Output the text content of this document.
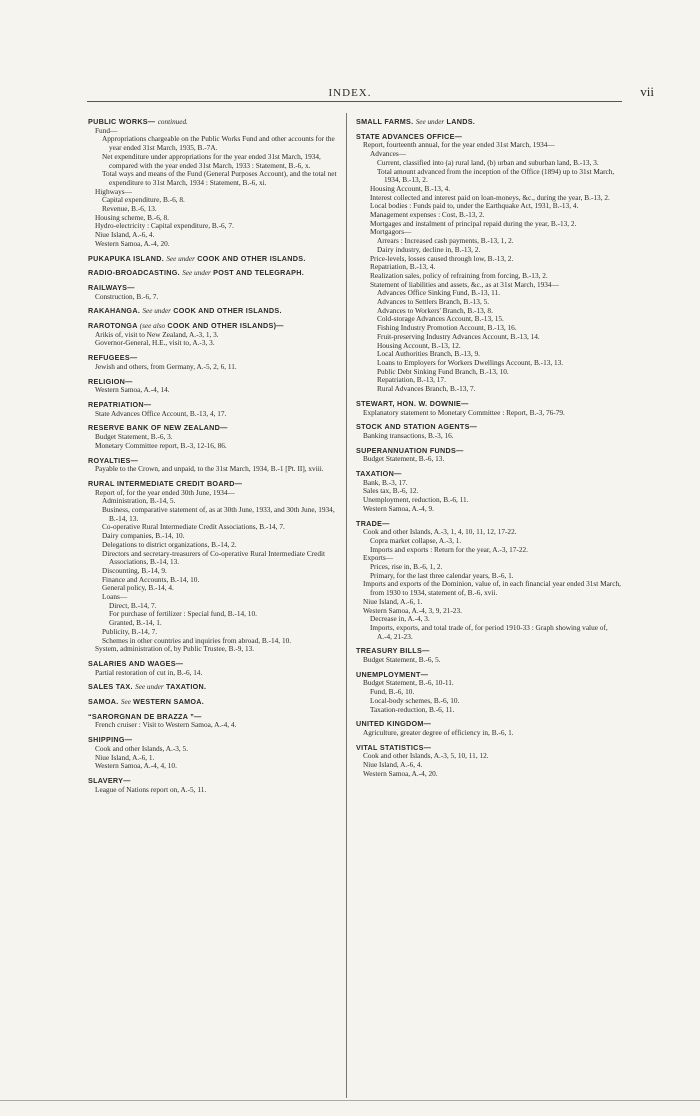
INDEX.	vii
PUBLIC WORKS— continued.
Fund—
Appropriations chargeable on the Public Works Fund and other accounts for the year ended 31st March, 1935, B.-7A.
Net expenditure under appropriations for the year ended 31st March, 1934, compared with the year ended 31st March, 1933 : Statement, B.-6, x.
Total ways and means of the Fund (General Purposes Account), and the total net expenditure to 31st March, 1934 : Statement, B.-6, xi.
Highways—
Capital expenditure, B.-6, 8.
Revenue, B.-6, 13.
Housing scheme, B.-6, 8.
Hydro-electricity : Capital expenditure, B.-6, 7.
Niue Island, A.-6, 4.
Western Samoa, A.-4, 20.
PUKAPUKA ISLAND. See under COOK AND OTHER ISLANDS.
RADIO-BROADCASTING. See under POST AND TELEGRAPH.
RAILWAYS—
Construction, B.-6, 7.
RAKAHANGA. See under COOK AND OTHER ISLANDS.
RAROTONGA (see also COOK AND OTHER ISLANDS)—
Arikis of, visit to New Zealand, A.-3, 1, 3.
Governor-General, H.E., visit to, A.-3, 3.
REFUGEES—
Jewish and others, from Germany, A.-5, 2, 6, 11.
RELIGION—
Western Samoa, A.-4, 14.
REPATRIATION—
State Advances Office Account, B.-13, 4, 17.
RESERVE BANK OF NEW ZEALAND—
Budget Statement, B.-6, 3.
Monetary Committee report, B.-3, 12-16, 86.
ROYALTIES—
Payable to the Crown, and unpaid, to the 31st March, 1934, B.-1 [Pt. II], xviii.
RURAL INTERMEDIATE CREDIT BOARD—
Report of, for the year ended 30th June, 1934—
Administration, B.-14, 5.
Business, comparative statement of, as at 30th June, 1933, and 30th June, 1934, B.-14, 13.
Co-operative Rural Intermediate Credit Associations, B.-14, 7.
Dairy companies, B.-14, 10.
Delegations to district organizations, B.-14, 2.
Directors and secretary-treasurers of Co-operative Rural Intermediate Credit Associations, B.-14, 13.
Discounting, B.-14, 9.
Finance and Accounts, B.-14, 10.
General policy, B.-14, 4.
Loans—
Direct, B.-14, 7.
For purchase of fertilizer : Special fund, B.-14, 10.
Granted, B.-14, 1.
Publicity, B.-14, 7.
Schemes in other countries and inquiries from abroad, B.-14, 10.
System, administration of, by Public Trustee, B.-9, 13.
SALARIES AND WAGES—
Partial restoration of cut in, B.-6, 14.
SALES TAX. See under TAXATION.
SAMOA. See WESTERN SAMOA.
“SARORGNAN DE BRAZZA ”—
French cruiser : Visit to Western Samoa, A.-4, 4.
SHIPPING—
Cook and other Islands, A.-3, 5.
Niue Island, A.-6, 1.
Western Samoa, A.-4, 4, 10.
SLAVERY—
League of Nations report on, A.-5, 11.
SMALL FARMS. See under LANDS.
STATE ADVANCES OFFICE—
Report, fourteenth annual, for the year ended 31st March, 1934—
Advances—
Current, classified into (a) rural land, (b) urban and suburban land, B.-13, 3.
Total amount advanced from the inception of the Office (1894) up to 31st March, 1934, B.-13, 2.
Housing Account, B.-13, 4.
Interest collected and interest paid on loan-moneys, &c., during the year, B.-13, 2.
Local bodies : Funds paid to, under the Earthquake Act, 1931, B.-13, 4.
Management expenses : Cost, B.-13, 2.
Mortgages and instalment of principal repaid during the year, B.-13, 2.
Mortgagors—
Arrears : Increased cash payments, B.-13, 1, 2.
Dairy industry, decline in, B.-13, 2.
Price-levels, losses caused through low, B.-13, 2.
Repatriation, B.-13, 4.
Realization sales, policy of refraining from forcing, B.-13, 2.
Statement of liabilities and assets, &c., as at 31st March, 1934—
Advances Office Sinking Fund, B.-13, 11.
Advances to Settlers Branch, B.-13, 5.
Advances to Workers' Branch, B.-13, 8.
Cold-storage Advances Account, B.-13, 15.
Fishing Industry Promotion Account, B.-13, 16.
Fruit-preserving Industry Advances Account, B.-13, 14.
Housing Account, B.-13, 12.
Local Authorities Branch, B.-13, 9.
Loans to Employers for Workers Dwellings Account, B.-13, 13.
Public Debt Sinking Fund Branch, B.-13, 10.
Repatriation, B.-13, 17.
Rural Advances Branch, B.-13, 7.
STEWART, HON. W. DOWNIE—
Explanatory statement to Monetary Committee : Report, B.-3, 76-79.
STOCK AND STATION AGENTS—
Banking transactions, B.-3, 16.
SUPERANNUATION FUNDS—
Budget Statement, B.-6, 13.
TAXATION—
Bank, B.-3, 17.
Sales tax, B.-6, 12.
Unemployment, reduction, B.-6, 11.
Western Samoa, A.-4, 9.
TRADE—
Cook and other Islands, A.-3, 1, 4, 10, 11, 12, 17-22.
Copra market collapse, A.-3, 1.
Imports and exports : Return for the year, A.-3, 17-22.
Exports—
Prices, rise in, B.-6, 1, 2.
Primary, for the last three calendar years, B.-6, 1.
Imports and exports of the Dominion, value of, in each financial year ended 31st March, from 1930 to 1934, statement of, B.-6, xvii.
Niue Island, A.-6, 1.
Western Samoa, A.-4, 3, 9, 21-23.
Decrease in, A.-4, 3.
Imports, exports, and total trade of, for period 1910-33 : Graph showing value of, A.-4, 21-23.
TREASURY BILLS—
Budget Statement, B.-6, 5.
UNEMPLOYMENT—
Budget Statement, B.-6, 10-11.
Fund, B.-6, 10.
Local-body schemes, B.-6, 10.
Taxation-reduction, B.-6, 11.
UNITED KINGDOM—
Agriculture, greater degree of efficiency in, B.-6, 1.
VITAL STATISTICS—
Cook and other Islands, A.-3, 5, 10, 11, 12.
Niue Island, A.-6, 4.
Western Samoa, A.-4, 20.
